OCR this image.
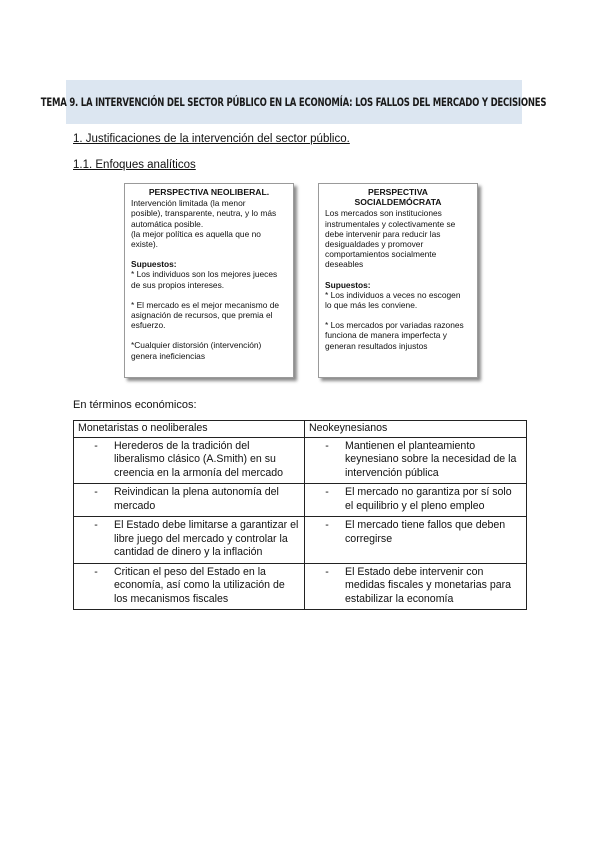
TEMA 9. LA INTERVENCIÓN DEL SECTOR PÚBLICO EN LA ECONOMÍA: LOS FALLOS DEL MERCADO Y DECISIONES
1. Justificaciones de la intervención del sector público.
1.1. Enfoques analíticos
PERSPECTIVA NEOLIBERAL.

Intervención limitada (la menor

posible), transparente, neutra, y lo más

automática posible.

(la mejor política es aquella que no

existe).

Supuestos:

* Los individuos son los mejores jueces

de sus propios intereses.

* El mercado es el mejor mecanismo de

asignación de recursos, que premia el

esfuerzo.

*Cualquier distorsión (intervención)

genera ineficiencias

PERSPECTIVA SOCIALDEMÓCRATA

Los mercados son instituciones

instrumentales y colectivamente se

debe intervenir para reducir las

desigualdades y promover

comportamientos socialmente

deseables

Supuestos:

* Los individuos a veces no escogen

lo que más les conviene.

* Los mercados por variadas razones

funciona de manera imperfecta y

generan resultados injustos

En términos económicos:
Monetaristas o neoliberales	Neokeynesianos

- Herederos de la tradición del liberalismo clásico (A.Smith) en su creencia en la armonía del mercado	- Mantienen el planteamiento keynesiano sobre la necesidad de la intervención pública

- Reivindican la plena autonomía del mercado	- El mercado no garantiza por sí solo el equilibrio y el pleno empleo

- El Estado debe limitarse a garantizar el libre juego del mercado y controlar la cantidad de dinero y la inflación	- El mercado tiene fallos que deben corregirse

- Critican el peso del Estado en la economía, así como la utilización de los mecanismos fiscales	- El Estado debe intervenir con medidas fiscales y monetarias para estabilizar la economía
